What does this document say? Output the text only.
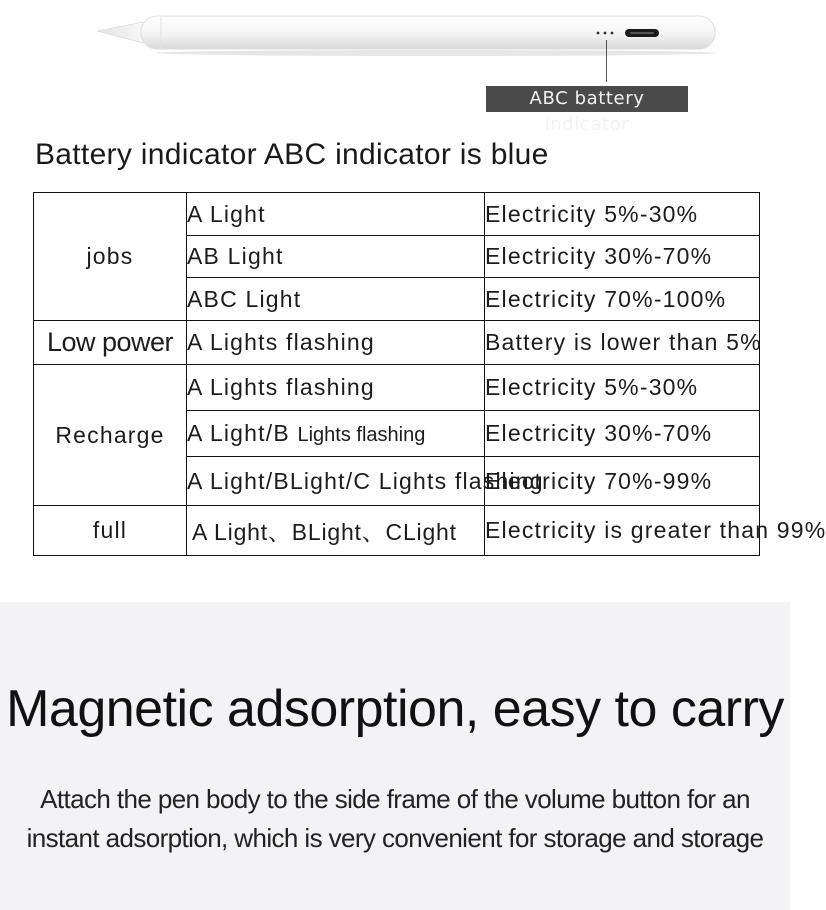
ABC battery indicator
Battery indicator ABC indicator is blue
jobs	A Light	Electricity 5%-30%
	AB Light	Electricity 30%-70%
	ABC Light	Electricity 70%-100%
Low power	A Lights flashing	Battery is lower than 5%
Recharge	A Lights flashing	Electricity 5%-30%
	A Light/B Lights flashing	Electricity 30%-70%
	A Light/BLight/C Lights flashing	Electricity 70%-99%
full	A Light、BLight、CLight	Electricity is greater than 99%
Magnetic adsorption, easy to carry

Attach the pen body to the side frame of the volume button for an
instant adsorption, which is very convenient for storage and storage
